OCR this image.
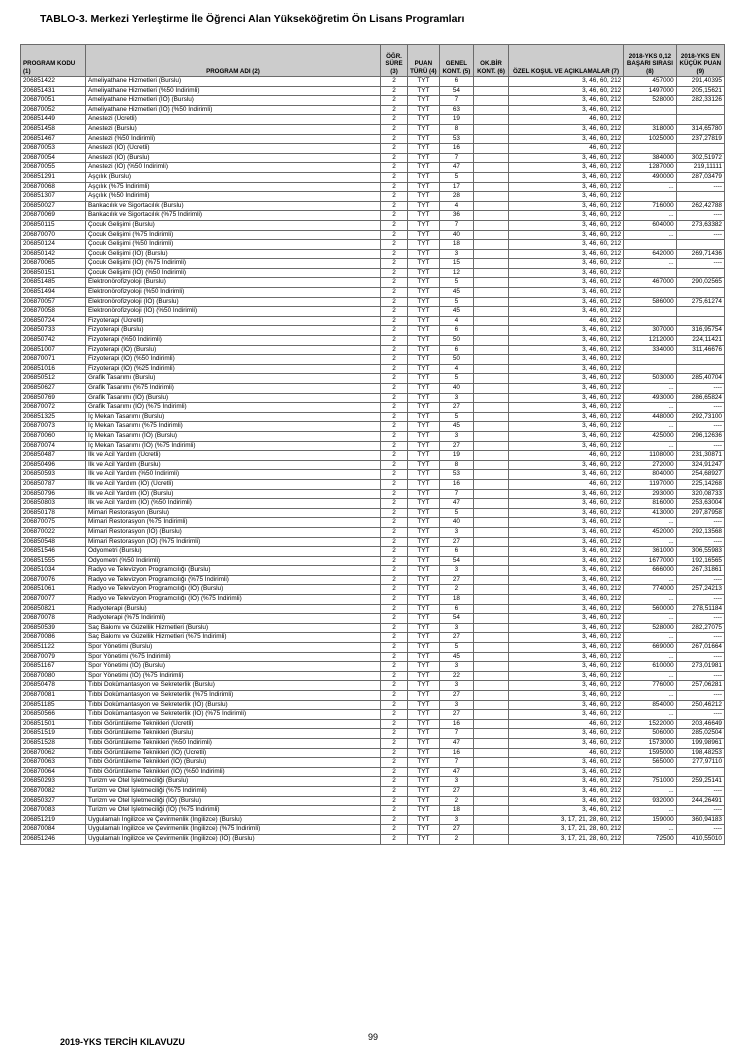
TABLO-3. Merkezi Yerleştirme İle Öğrenci Alan Yükseköğretim Ön Lisans Programları
PROGRAM KODU (1)	PROGRAM ADI (2)	ÖĞR. SÜRE (3)	PUAN TÜRÜ (4)	GENEL KONT. (5)	OK.BİR KONT. (6)	ÖZEL KOŞUL VE AÇIKLAMALAR (7)	2018-YKS 0,12 BAŞARI SIRASI (8)	2018-YKS EN KÜÇÜK PUAN (9)
206851422	Ameliyathane Hizmetleri (Burslu)	2	TYT	6		3, 46, 60, 212	457000	291,40395
206851431	Ameliyathane Hizmetleri (%50 İndirimli)	2	TYT	54		3, 46, 60, 212	1497000	205,15621
206870051	Ameliyathane Hizmetleri (İÖ) (Burslu)	2	TYT	7		3, 46, 60, 212	528000	282,33126
206870052	Ameliyathane Hizmetleri (İÖ) (%50 İndirimli)	2	TYT	63		3, 46, 60, 212		
206851449	Anestezi (Ücretli)	2	TYT	19		46, 60, 212		
206851458	Anestezi (Burslu)	2	TYT	8		3, 46, 60, 212	318000	314,65780
206851467	Anestezi (%50 İndirimli)	2	TYT	53		3, 46, 60, 212	1025000	237,27819
206870053	Anestezi (İÖ) (Ücretli)	2	TYT	16		46, 60, 212		
206870054	Anestezi (İÖ) (Burslu)	2	TYT	7		3, 46, 60, 212	384000	302,51972
206870055	Anestezi (İÖ) (%50 İndirimli)	2	TYT	47		3, 46, 60, 212	1287000	219,11111
206851291	Aşçılık (Burslu)	2	TYT	5		3, 46, 60, 212	490000	287,03479
206870068	Aşçılık (%75 İndirimli)	2	TYT	17		3, 46, 60, 212	...	----
206851307	Aşçılık (%50 İndirimli)	2	TYT	28		3, 46, 60, 212		
206850027	Bankacılık ve Sigortacılık (Burslu)	2	TYT	4		3, 46, 60, 212	716000	262,42788
206870069	Bankacılık ve Sigortacılık (%75 İndirimli)	2	TYT	36		3, 46, 60, 212	...	----
206850115	Çocuk Gelişimi (Burslu)	2	TYT	7		3, 46, 60, 212	604000	273,63382
206870070	Çocuk Gelişimi (%75 İndirimli)	2	TYT	40		3, 46, 60, 212	...	----
206850124	Çocuk Gelişimi (%50 İndirimli)	2	TYT	18		3, 46, 60, 212		
206850142	Çocuk Gelişimi (İÖ) (Burslu)	2	TYT	3		3, 46, 60, 212	642000	269,71436
206870065	Çocuk Gelişimi (İÖ) (%75 İndirimli)	2	TYT	15		3, 46, 60, 212	...	----
206850151	Çocuk Gelişimi (İÖ) (%50 İndirimli)	2	TYT	12		3, 46, 60, 212		
206851485	Elektronörofizyoloji (Burslu)	2	TYT	5		3, 46, 60, 212	467000	290,02565
206851494	Elektronörofizyoloji (%50 İndirimli)	2	TYT	45		3, 46, 60, 212		
206870057	Elektronörofizyoloji (İÖ) (Burslu)	2	TYT	5		3, 46, 60, 212	586000	275,61274
206870058	Elektronörofizyoloji (İÖ) (%50 İndirimli)	2	TYT	45		3, 46, 60, 212		
206850724	Fizyoterapi (Ücretli)	2	TYT	4		46, 60, 212		
206850733	Fizyoterapi (Burslu)	2	TYT	6		3, 46, 60, 212	307000	316,95754
206850742	Fizyoterapi (%50 İndirimli)	2	TYT	50		3, 46, 60, 212	1212000	224,11421
206851007	Fizyoterapi (İÖ) (Burslu)	2	TYT	6		3, 46, 60, 212	334000	311,46676
206870071	Fizyoterapi (İÖ) (%50 İndirimli)	2	TYT	50		3, 46, 60, 212		
206851016	Fizyoterapi (İÖ) (%25 İndirimli)	2	TYT	4		3, 46, 60, 212		
206850512	Grafik Tasarımı (Burslu)	2	TYT	5		3, 46, 60, 212	503000	285,40704
206850627	Grafik Tasarımı (%75 İndirimli)	2	TYT	40		3, 46, 60, 212	...	----
206850769	Grafik Tasarımı (İÖ) (Burslu)	2	TYT	3		3, 46, 60, 212	493000	286,65824
206870072	Grafik Tasarımı (İÖ) (%75 İndirimli)	2	TYT	27		3, 46, 60, 212	...	----
206851325	İç Mekan Tasarımı (Burslu)	2	TYT	5		3, 46, 60, 212	448000	292,73100
206870073	İç Mekan Tasarımı (%75 İndirimli)	2	TYT	45		3, 46, 60, 212	...	----
206870060	İç Mekan Tasarımı (İÖ) (Burslu)	2	TYT	3		3, 46, 60, 212	425000	296,12636
206870074	İç Mekan Tasarımı (İÖ) (%75 İndirimli)	2	TYT	27		3, 46, 60, 212	...	----
206850487	İlk ve Acil Yardım (Ücretli)	2	TYT	19		46, 60, 212	1108000	231,30871
206850496	İlk ve Acil Yardım (Burslu)	2	TYT	8		3, 46, 60, 212	272000	324,91247
206850593	İlk ve Acil Yardım (%50 İndirimli)	2	TYT	53		3, 46, 60, 212	804000	254,68927
206850787	İlk ve Acil Yardım (İÖ) (Ücretli)	2	TYT	16		46, 60, 212	1197000	225,14268
206850796	İlk ve Acil Yardım (İÖ) (Burslu)	2	TYT	7		3, 46, 60, 212	293000	320,08733
206850803	İlk ve Acil Yardım (İÖ) (%50 İndirimli)	2	TYT	47		3, 46, 60, 212	816000	253,63004
206850178	Mimari Restorasyon (Burslu)	2	TYT	5		3, 46, 60, 212	413000	297,87958
206870075	Mimari Restorasyon (%75 İndirimli)	2	TYT	40		3, 46, 60, 212	...	----
206870022	Mimari Restorasyon (İÖ) (Burslu)	2	TYT	3		3, 46, 60, 212	452000	292,13568
206850548	Mimari Restorasyon (İÖ) (%75 İndirimli)	2	TYT	27		3, 46, 60, 212	...	----
206851546	Odyometri (Burslu)	2	TYT	6		3, 46, 60, 212	361000	306,55983
206851555	Odyometri (%50 İndirimli)	2	TYT	54		3, 46, 60, 212	1677000	192,16565
206851034	Radyo ve Televizyon Programcılığı (Burslu)	2	TYT	3		3, 46, 60, 212	666000	267,31861
206870076	Radyo ve Televizyon Programcılığı (%75 İndirimli)	2	TYT	27		3, 46, 60, 212	...	----
206851061	Radyo ve Televizyon Programcılığı (İÖ) (Burslu)	2	TYT	2		3, 46, 60, 212	774000	257,24213
206870077	Radyo ve Televizyon Programcılığı (İÖ) (%75 İndirimli)	2	TYT	18		3, 46, 60, 212	...	----
206850821	Radyoterapi (Burslu)	2	TYT	6		3, 46, 60, 212	560000	278,51184
206870078	Radyoterapi (%75 İndirimli)	2	TYT	54		3, 46, 60, 212	...	----
206850539	Saç Bakımı ve Güzellik Hizmetleri (Burslu)	2	TYT	3		3, 46, 60, 212	528000	282,27075
206870086	Saç Bakımı ve Güzellik Hizmetleri (%75 İndirimli)	2	TYT	27		3, 46, 60, 212	...	----
206851122	Spor Yönetimi (Burslu)	2	TYT	5		3, 46, 60, 212	669000	267,01664
206870079	Spor Yönetimi (%75 İndirimli)	2	TYT	45		3, 46, 60, 212	...	----
206851167	Spor Yönetimi (İÖ) (Burslu)	2	TYT	3		3, 46, 60, 212	610000	273,01981
206870080	Spor Yönetimi (İÖ) (%75 İndirimli)	2	TYT	22		3, 46, 60, 212	...	----
206850478	Tıbbi Dokümantasyon ve Sekreterlik (Burslu)	2	TYT	3		3, 46, 60, 212	776000	257,06281
206870081	Tıbbi Dokümantasyon ve Sekreterlik (%75 İndirimli)	2	TYT	27		3, 46, 60, 212	...	----
206851185	Tıbbi Dokümantasyon ve Sekreterlik (İÖ) (Burslu)	2	TYT	3		3, 46, 60, 212	854000	250,46212
206850566	Tıbbi Dokümantasyon ve Sekreterlik (İÖ) (%75 İndirimli)	2	TYT	27		3, 46, 60, 212	...	----
206851501	Tıbbi Görüntüleme Teknikleri (Ücretli)	2	TYT	16		46, 60, 212	1522000	203,46649
206851519	Tıbbi Görüntüleme Teknikleri (Burslu)	2	TYT	7		3, 46, 60, 212	506000	285,02504
206851528	Tıbbi Görüntüleme Teknikleri (%50 İndirimli)	2	TYT	47		3, 46, 60, 212	1573000	199,98961
206870062	Tıbbi Görüntüleme Teknikleri (İÖ) (Ücretli)	2	TYT	16		46, 60, 212	1595000	198,48253
206870063	Tıbbi Görüntüleme Teknikleri (İÖ) (Burslu)	2	TYT	7		3, 46, 60, 212	565000	277,97110
206870064	Tıbbi Görüntüleme Teknikleri (İÖ) (%50 İndirimli)	2	TYT	47		3, 46, 60, 212		
206850293	Turizm ve Otel İşletmeciliği (Burslu)	2	TYT	3		3, 46, 60, 212	751000	259,25141
206870082	Turizm ve Otel İşletmeciliği (%75 İndirimli)	2	TYT	27		3, 46, 60, 212	...	----
206850327	Turizm ve Otel İşletmeciliği (İÖ) (Burslu)	2	TYT	2		3, 46, 60, 212	932000	244,26491
206870083	Turizm ve Otel İşletmeciliği (İÖ) (%75 İndirimli)	2	TYT	18		3, 46, 60, 212	...	----
206851219	Uygulamalı İngilizce ve Çevirmenlik (İngilizce) (Burslu)	2	TYT	3		3, 17, 21, 28, 60, 212	159000	360,94183
206870084	Uygulamalı İngilizce ve Çevirmenlik (İngilizce) (%75 İndirimli)	2	TYT	27		3, 17, 21, 28, 60, 212	...	----
206851246	Uygulamalı İngilizce ve Çevirmenlik (İngilizce) (İÖ) (Burslu)	2	TYT	2		3, 17, 21, 28, 60, 212	72500	410,55010
2019-YKS TERCİH KILAVUZU	99
